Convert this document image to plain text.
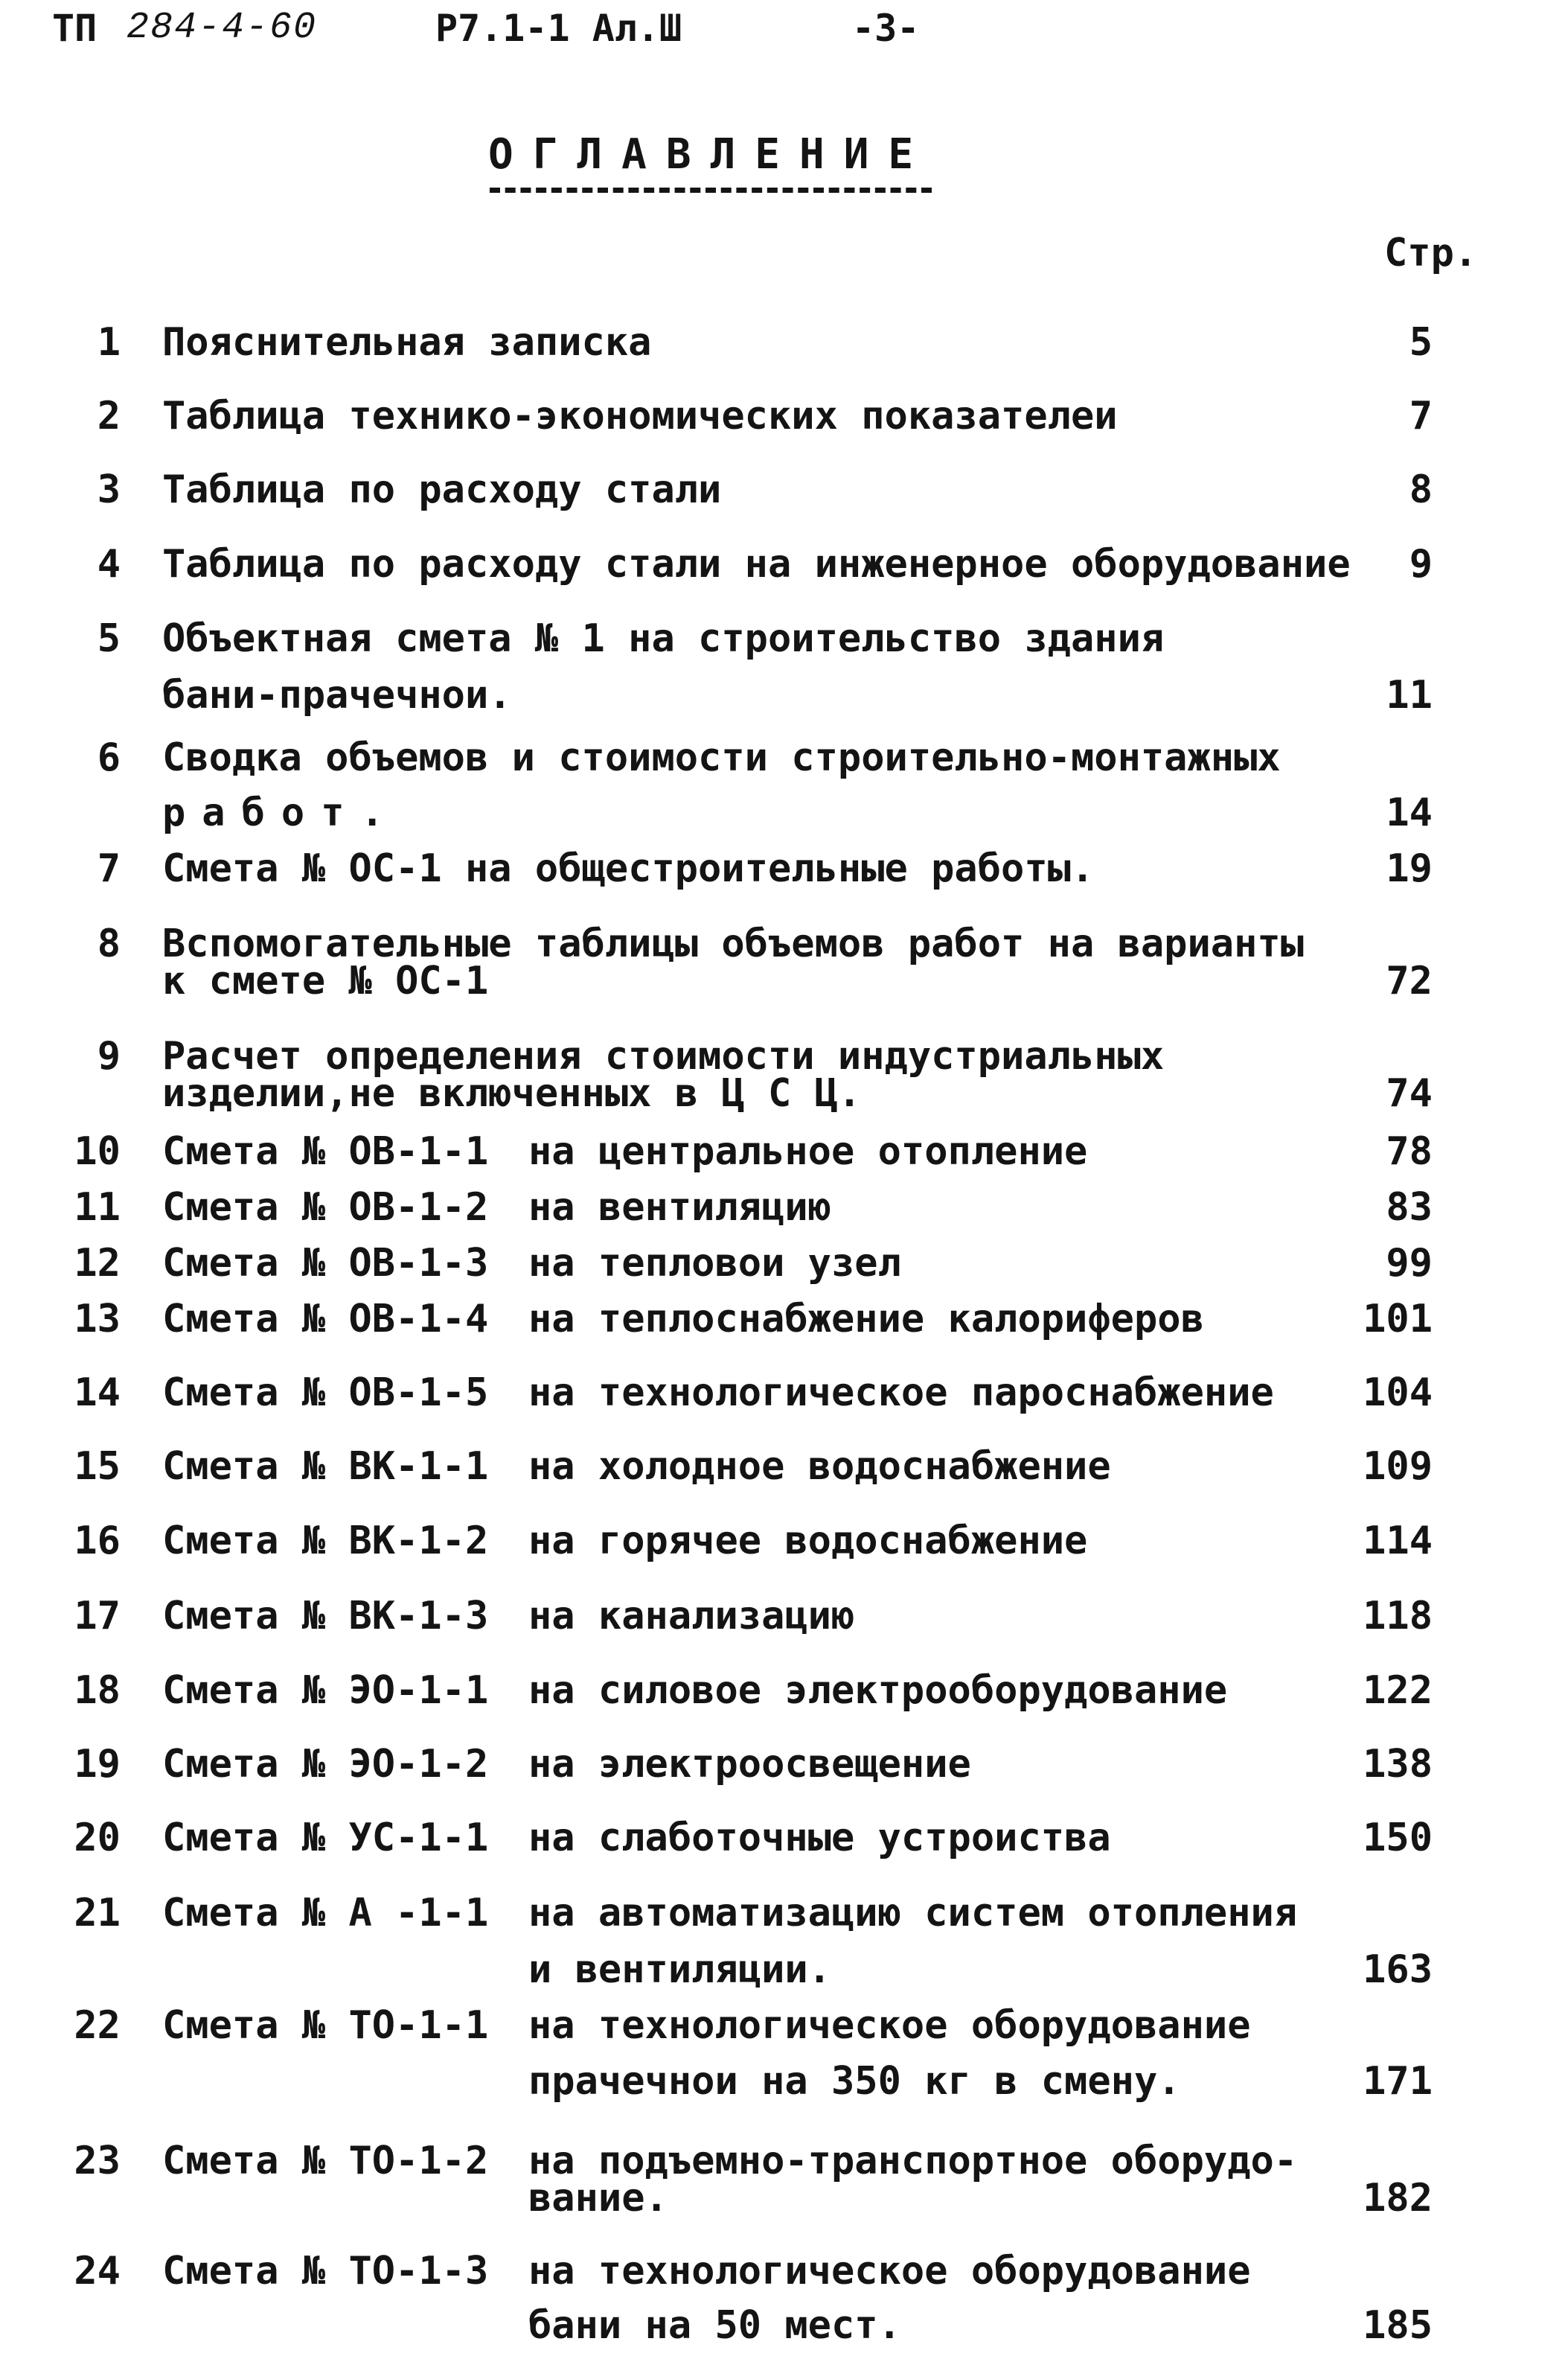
ТП 284-4-60	Р7.1-1 Ал.Ш	-3-
ОГЛАВЛЕНИЕ
Стр.
1 Пояснительная записка	5
2 Таблица технико-экономических показателеи	7
3 Таблица по расходу стали	8
4 Таблица по расходу стали на инженерное оборудование 9
5 Объектная смета № 1 на строительство здания
бани-прачечнои.	11
6 Сводка объемов и стоимости строительно-монтажных
работ.	14
7 Смета № ОС-1 на общестроительные работы.	19
8 Вспомогательные таблицы объемов работ на варианты
к смете № ОС-1	72
9 Расчет определения стоимости индустриальных
изделии,не включенных в Ц С Ц.	74
10 Смета № ОВ-1-1 на центральное отопление	78
11 Смета № ОВ-1-2 на вентиляцию	83
12 Смета № ОВ-1-3 на тепловои узел	99
13 Смета № ОВ-1-4 на теплоснабжение калориферов	101
14 Смета № ОВ-1-5 на технологическое пароснабжение 104
15 Смета № ВК-1-1 на холодное водоснабжение	109
16 Смета № ВК-1-2 на горячее водоснабжение	114
17 Смета № ВК-1-3 на канализацию	118
18 Смета № ЭО-1-1 на силовое электрооборудование	122
19 Смета № ЭО-1-2 на электроосвещение	138
20 Смета № УС-1-1 на слаботочные устроиства	150
21 Смета № А -1-1 на автоматизацию систем отопления
и вентиляции.	163
22 Смета № ТО-1-1 на технологическое оборудование
прачечнои на 350 кг в смену.	171
23 Смета № ТО-1-2 на подъемно-транспортное оборудо-
вание.	182
24 Смета № ТО-1-3 на технологическое оборудование
бани на 50 мест.	185
